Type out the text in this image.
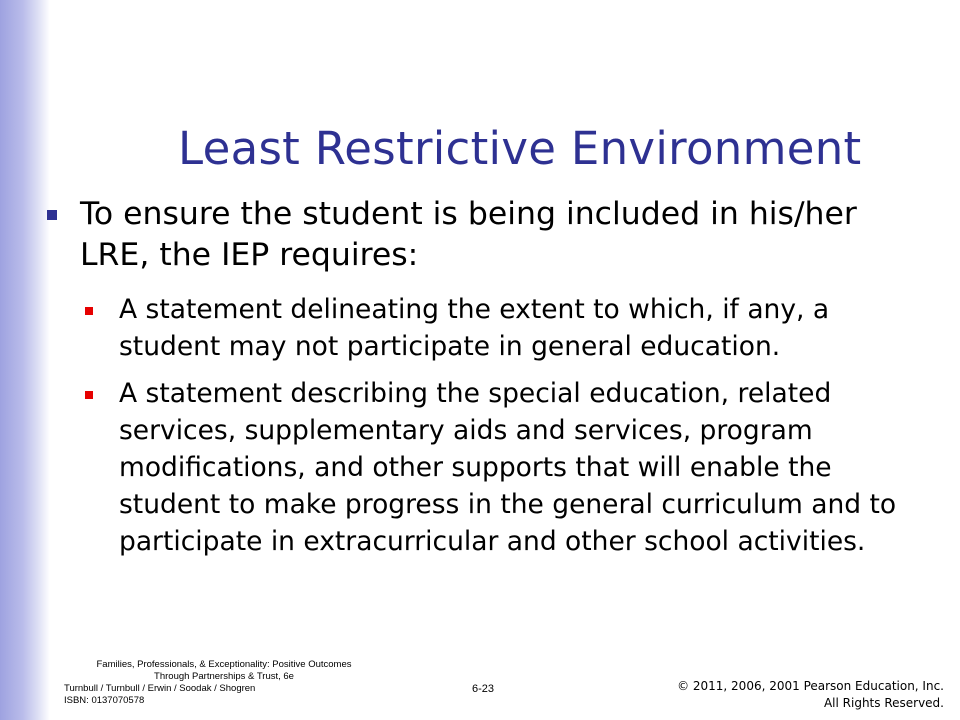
Least Restrictive Environment

To ensure the student is being included in his/her LRE, the IEP requires:

A statement delineating the extent to which, if any, a student may not participate in general education.

A statement describing the special education, related services, supplementary aids and services, program modifications, and other supports that will enable the student to make progress in the general curriculum and to participate in extracurricular and other school activities.

Families, Professionals, & Exceptionality: Positive Outcomes
Through Partnerships & Trust, 6e
Turnbull / Turnbull / Erwin / Soodak / Shogren
ISBN: 0137070578
6-23	© 2011, 2006, 2001 Pearson Education, Inc.
All Rights Reserved.
